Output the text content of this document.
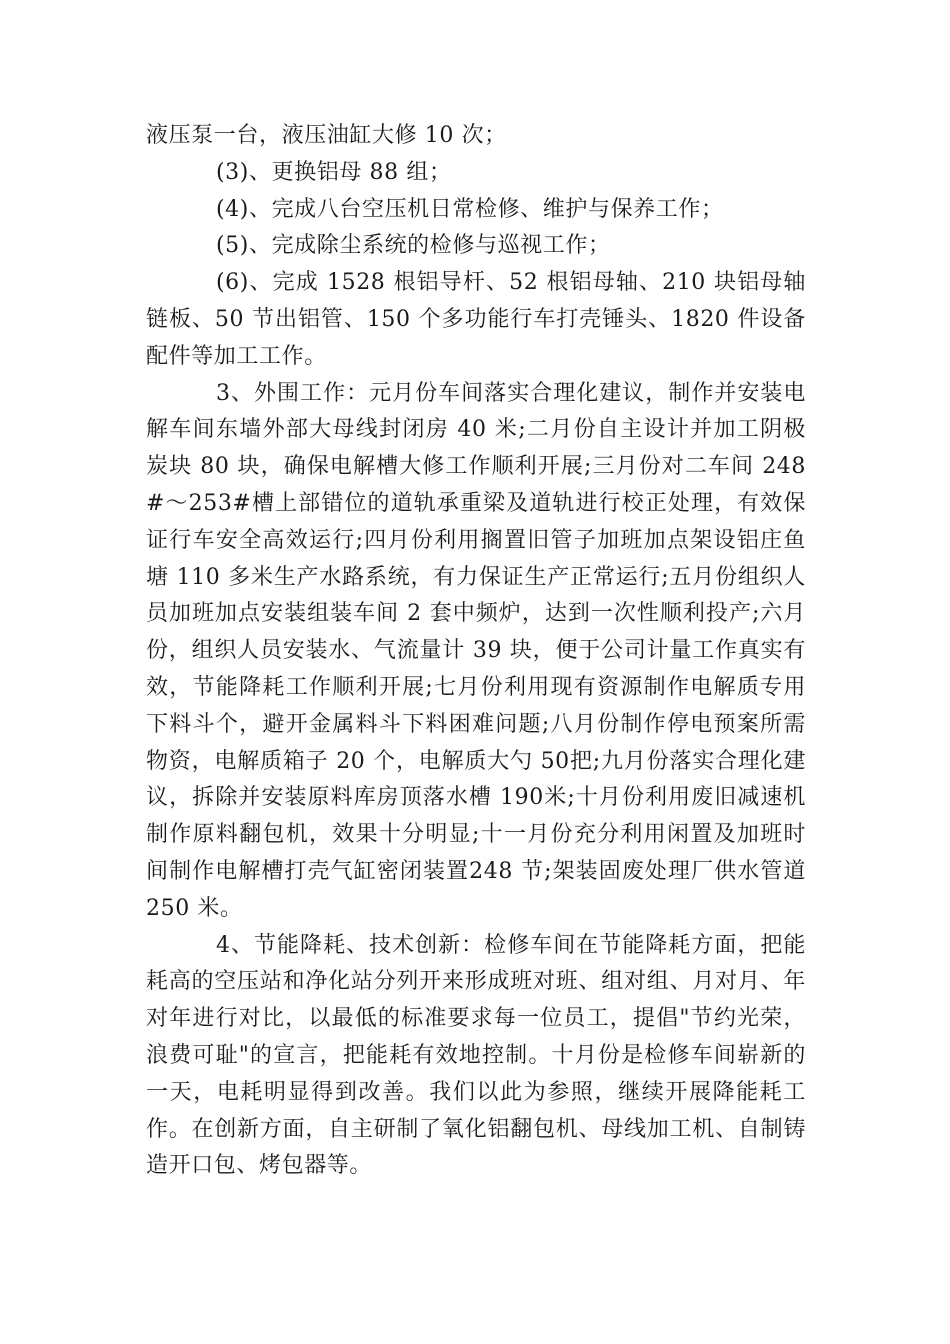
液压泵一台，液压油缸大修 10 次；

(3)、更换铝母 88 组；

(4)、完成八台空压机日常检修、维护与保养工作；

(5)、完成除尘系统的检修与巡视工作；

(6)、完成 1528 根铝导杆、52 根铝母轴、210 块铝母轴链板、50 节出铝管、150 个多功能行车打壳锤头、1820 件设备配件等加工工作。

3、外围工作：元月份车间落实合理化建议，制作并安装电解车间东墙外部大母线封闭房 40 米;二月份自主设计并加工阴极炭块 80 块，确保电解槽大修工作顺利开展;三月份对二车间 248#～253#槽上部错位的道轨承重梁及道轨进行校正处理，有效保证行车安全高效运行;四月份利用搁置旧管子加班加点架设铝庄鱼塘 110 多米生产水路系统，有力保证生产正常运行;五月份组织人员加班加点安装组装车间 2 套中频炉，达到一次性顺利投产;六月份，组织人员安装水、气流量计 39 块，便于公司计量工作真实有效，节能降耗工作顺利开展;七月份利用现有资源制作电解质专用下料斗个，避开金属料斗下料困难问题;八月份制作停电预案所需物资，电解质箱子 20 个，电解质大勺 50把;九月份落实合理化建议，拆除并安装原料库房顶落水槽 190米;十月份利用废旧减速机制作原料翻包机，效果十分明显;十一月份充分利用闲置及加班时间制作电解槽打壳气缸密闭装置248 节;架装固废处理厂供水管道 250 米。

4、节能降耗、技术创新：检修车间在节能降耗方面，把能耗高的空压站和净化站分列开来形成班对班、组对组、月对月、年对年进行对比，以最低的标准要求每一位员工，提倡"节约光荣，浪费可耻"的宣言，把能耗有效地控制。十月份是检修车间崭新的一天，电耗明显得到改善。我们以此为参照，继续开展降能耗工作。在创新方面，自主研制了氧化铝翻包机、母线加工机、自制铸造开口包、烤包器等。
